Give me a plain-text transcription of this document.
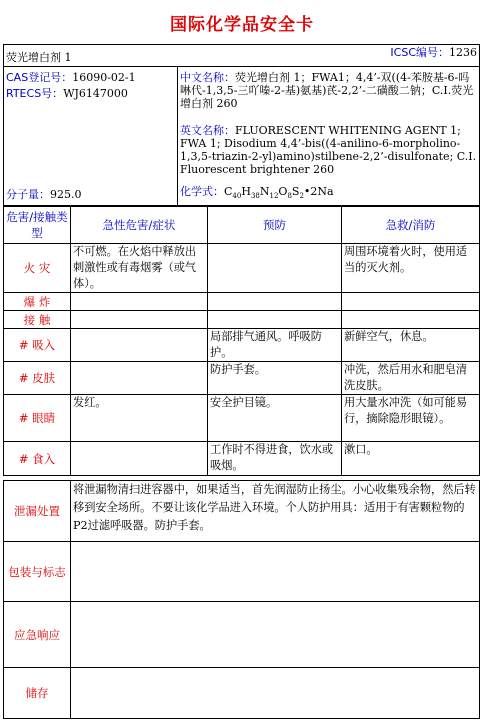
国际化学品安全卡
荧光增白剂 1	ICSC编号：1236
CAS登记号：16090-02-1
RTECS号：WJ6147000
分子量：925.0

中文名称：荧光增白剂 1；FWA1；4,4’-双((4-苯胺基-6-吗啉代-1,3,5-三吖嗪-2-基)氨基)芪-2,2’-二磺酸二钠；C.I.荧光增白剂 260
英文名称：FLUORESCENT WHITENING AGENT 1; FWA 1; Disodium 4,4’-bis((4-anilino-6-morpholino-1,3,5-triazin-2-yl)amino)stilbene-2,2’-disulfonate; C.I. Fluorescent brightener 260
化学式：$C_{40}H_{38}N_{12}O_8S_2•2Na$
危害/接触类型	急性危害/症状	预防	急救/消防
火 灾	不可燃。在火焰中释放出刺激性或有毒烟雾（或气体）。		周围环境着火时，使用适当的灭火剂。
爆 炸			
接 触			
# 吸入		局部排气通风。呼吸防护。	新鲜空气，休息。
# 皮肤		防护手套。	冲洗，然后用水和肥皂清洗皮肤。
# 眼睛	发红。	安全护目镜。	用大量水冲洗（如可能易行，摘除隐形眼镜）。
# 食入		工作时不得进食，饮水或吸烟。	漱口。
泄漏处置	将泄漏物清扫进容器中，如果适当，首先润湿防止扬尘。小心收集残余物，然后转移到安全场所。不要让该化学品进入环境。个人防护用具：适用于有害颗粒物的P2过滤呼吸器。防护手套。
包装与标志	
应急响应	
储存	
